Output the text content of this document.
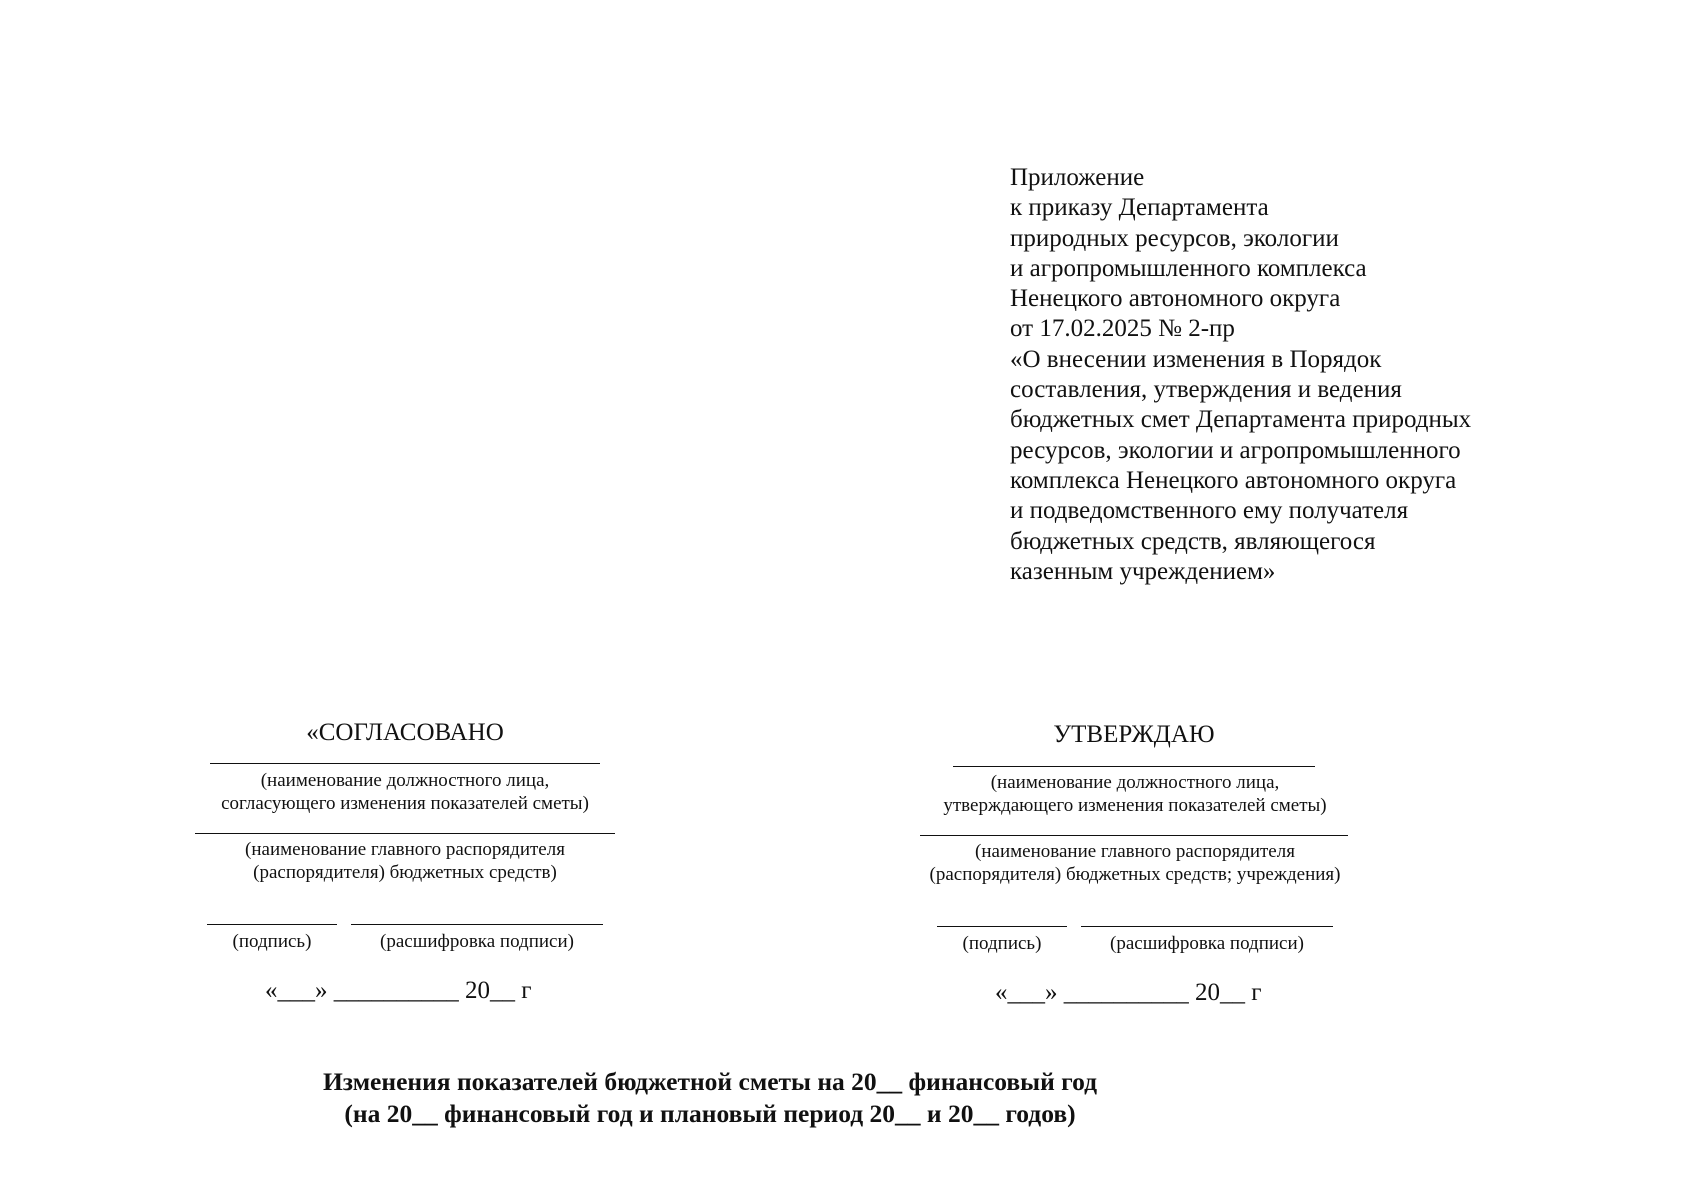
Приложение
к приказу Департамента
природных ресурсов, экологии
и агропромышленного комплекса
Ненецкого автономного округа
от 17.02.2025 № 2-пр
«О внесении изменения в Порядок
составления, утверждения и ведения
бюджетных смет Департамента природных
ресурсов, экологии и агропромышленного
комплекса Ненецкого автономного округа
и подведомственного ему получателя
бюджетных средств, являющегося
казенным учреждением»
«СОГЛАСОВАНО
(наименование должностного лица,
согласующего изменения показателей сметы)
(наименование главного распорядителя
(распорядителя) бюджетных средств)
(подпись)	(расшифровка подписи)
«___» __________ 20__ г
УТВЕРЖДАЮ
(наименование должностного лица,
утверждающего изменения показателей сметы)
(наименование главного распорядителя
(распорядителя) бюджетных средств; учреждения)
(подпись)	(расшифровка подписи)
«___» __________ 20__ г
Изменения показателей бюджетной сметы на 20__ финансовый год
(на 20__ финансовый год и плановый период 20__ и 20__ годов)
